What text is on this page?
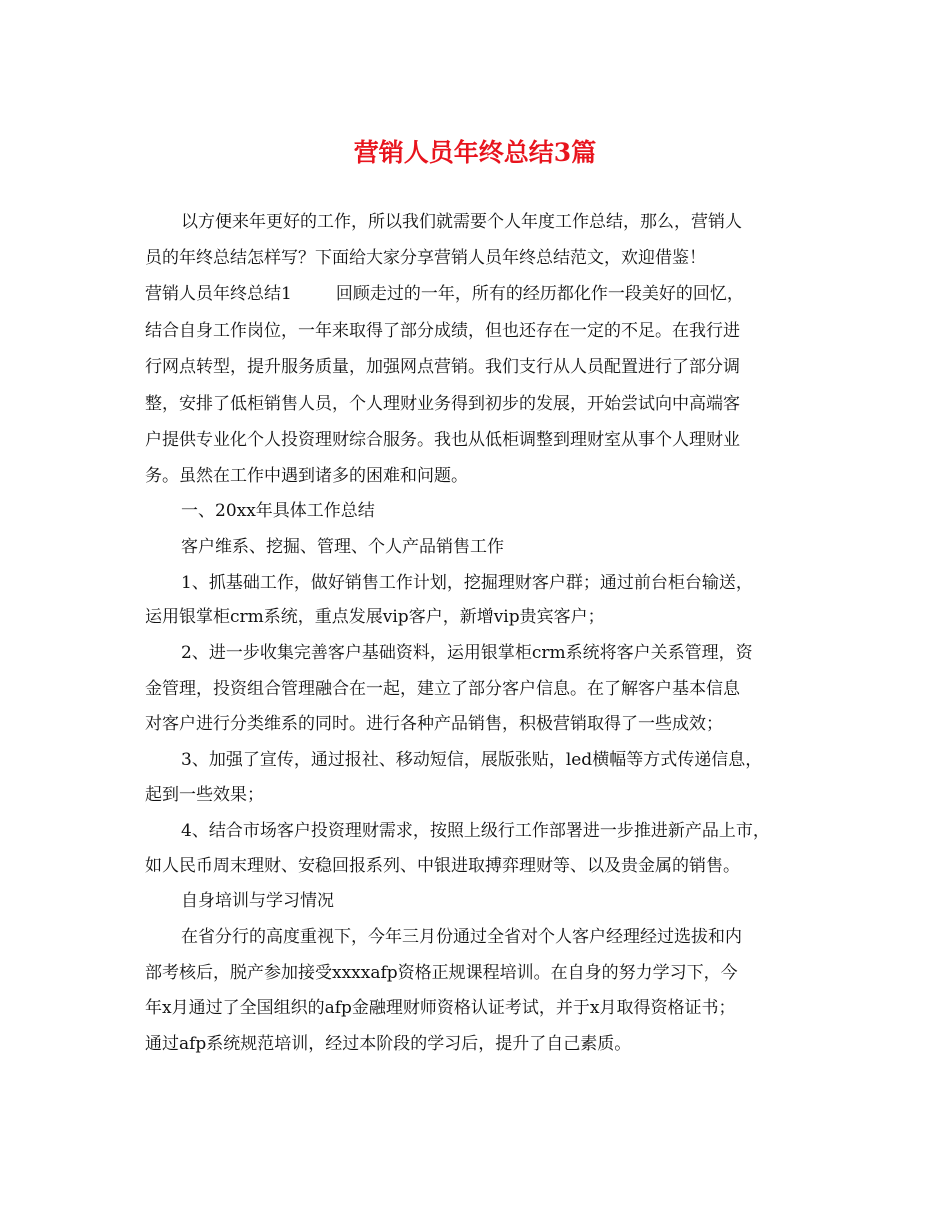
营销人员年终总结3篇
以方便来年更好的工作，所以我们就需要个人年度工作总结，那么，营销人
员的年终总结怎样写？下面给大家分享营销人员年终总结范文，欢迎借鉴！
营销人员年终总结1	回顾走过的一年，所有的经历都化作一段美好的回忆，
结合自身工作岗位，一年来取得了部分成绩，但也还存在一定的不足。在我行进
行网点转型，提升服务质量，加强网点营销。我们支行从人员配置进行了部分调
整，安排了低柜销售人员，个人理财业务得到初步的发展，开始尝试向中高端客
户提供专业化个人投资理财综合服务。我也从低柜调整到理财室从事个人理财业
务。虽然在工作中遇到诸多的困难和问题。
一、20xx年具体工作总结
客户维系、挖掘、管理、个人产品销售工作
1、抓基础工作，做好销售工作计划，挖掘理财客户群；通过前台柜台输送，
运用银掌柜crm系统，重点发展vip客户，新增vip贵宾客户；
2、进一步收集完善客户基础资料，运用银掌柜crm系统将客户关系管理，资
金管理，投资组合管理融合在一起，建立了部分客户信息。在了解客户基本信息
对客户进行分类维系的同时。进行各种产品销售，积极营销取得了一些成效；
3、加强了宣传，通过报社、移动短信，展版张贴，led横幅等方式传递信息，
起到一些效果；
4、结合市场客户投资理财需求，按照上级行工作部署进一步推进新产品上市，
如人民币周末理财、安稳回报系列、中银进取搏弈理财等、以及贵金属的销售。
自身培训与学习情况
在省分行的高度重视下，今年三月份通过全省对个人客户经理经过选拔和内
部考核后，脱产参加接受xxxxafp资格正规课程培训。在自身的努力学习下，今
年x月通过了全国组织的afp金融理财师资格认证考试，并于x月取得资格证书；
通过afp系统规范培训，经过本阶段的学习后，提升了自己素质。
